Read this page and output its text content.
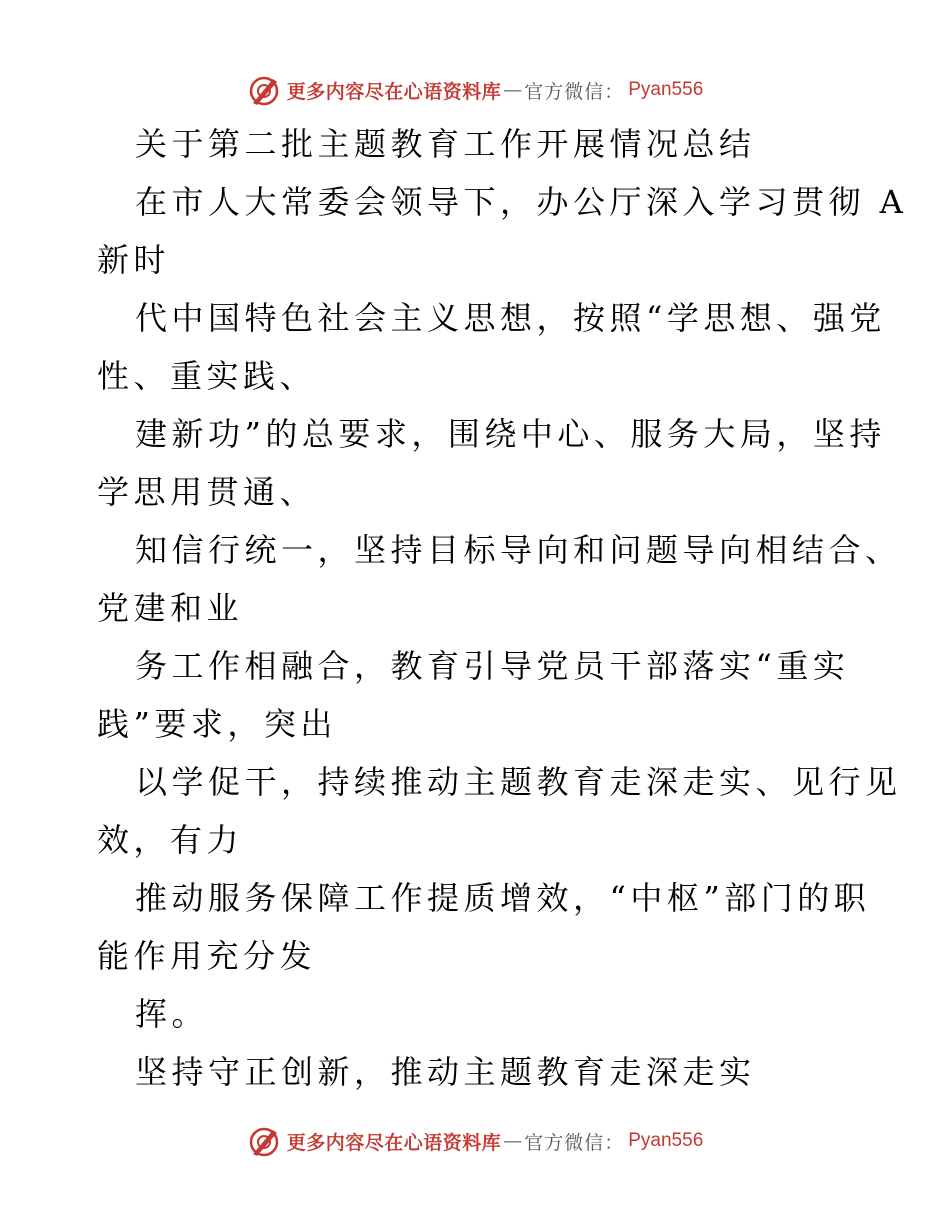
更多内容尽在心语资料库 — 官方微信： Pyan556
关于第二批主题教育工作开展情况总结
在市人大常委会领导下，办公厅深入学习贯彻 A
新时
代中国特色社会主义思想，按照“学思想、强党
性、重实践、
建新功”的总要求，围绕中心、服务大局，坚持
学思用贯通、
知信行统一，坚持目标导向和问题导向相结合、
党建和业
务工作相融合，教育引导党员干部落实“重实
践”要求，突出
以学促干，持续推动主题教育走深走实、见行见
效，有力
推动服务保障工作提质增效，“中枢”部门的职
能作用充分发
挥。
坚持守正创新，推动主题教育走深走实
更多内容尽在心语资料库 — 官方微信： Pyan556
